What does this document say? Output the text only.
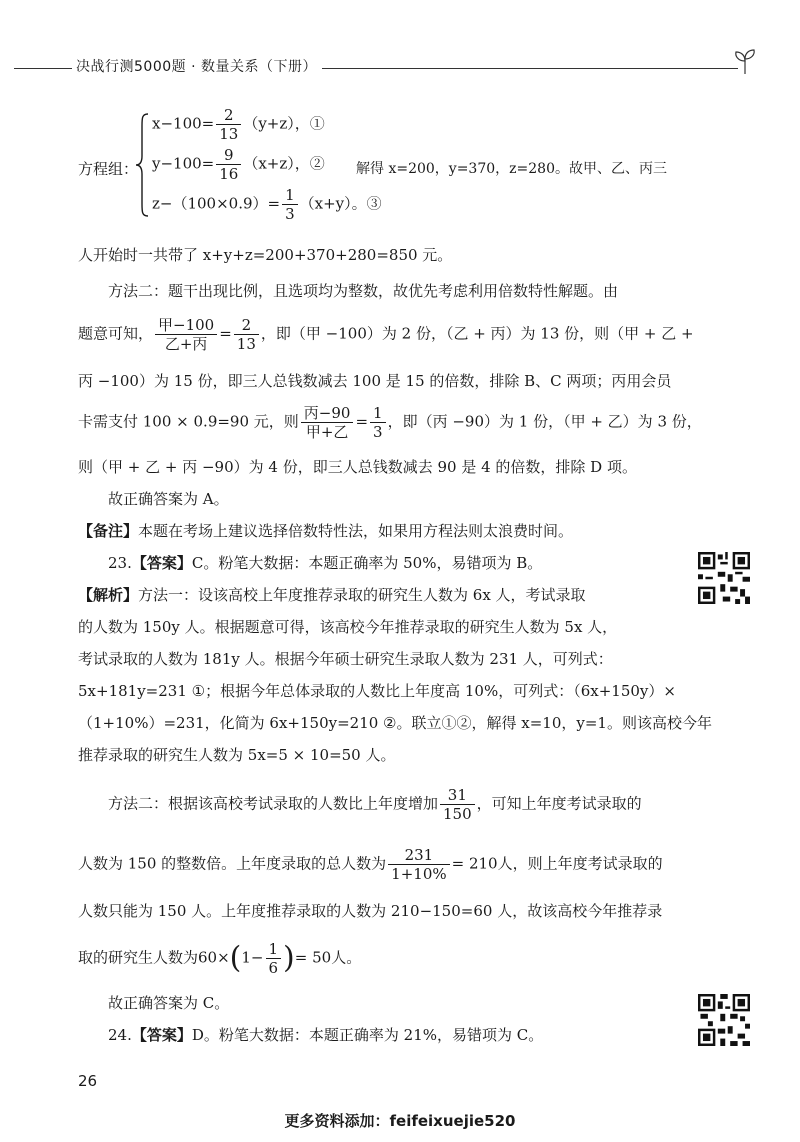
决战行测5000题 · 数量关系（下册）
方程组：
$x-100= \frac{2}{13} (y+z)$，①
$y-100= \frac{9}{16} (x+z)$，②
$z-(100\times 0.9)= \frac{1}{3} (x+y)$。③
解得 x=200，y=370，z=280。故甲、乙、丙三
人开始时一共带了 x+y+z=200+370+280=850 元。
方法二：题干出现比例，且选项均为整数，故优先考虑利用倍数特性解题。由
题意可知， $\frac{\text{甲−100}}{\text{乙+丙}} = \frac{2}{13}$ ，即（甲 −100）为 2 份，（乙 + 丙）为 13 份，则（甲 + 乙 +
丙 −100）为 15 份，即三人总钱数减去 100 是 15 的倍数，排除 B、C 两项；丙用会员
卡需支付 100 × 0.9=90 元，则 $\frac{\text{丙−90}}{\text{甲+乙}} = \frac{1}{3}$ ，即（丙 −90）为 1 份，（甲 + 乙）为 3 份，
则（甲 + 乙 + 丙 −90）为 4 份，即三人总钱数减去 90 是 4 的倍数，排除 D 项。
故正确答案为 A。
【备注】本题在考场上建议选择倍数特性法，如果用方程法则太浪费时间。
23.【答案】C。粉笔大数据：本题正确率为 50%，易错项为 B。
【解析】方法一：设该高校上年度推荐录取的研究生人数为 6x 人，考试录取
的人数为 150y 人。根据题意可得，该高校今年推荐录取的研究生人数为 5x 人，
考试录取的人数为 181y 人。根据今年硕士研究生录取人数为 231 人，可列式：
5x+181y=231 ①；根据今年总体录取的人数比上年度高 10%，可列式：（6x+150y）×
（1+10%）=231，化简为 6x+150y=210 ②。联立①②，解得 x=10，y=1。则该高校今年
推荐录取的研究生人数为 5x=5 × 10=50 人。
方法二：根据该高校考试录取的人数比上年度增加 $\frac{31}{150}$ ，可知上年度考试录取的
人数为 150 的整数倍。上年度录取的总人数为 $\frac{231}{1+10\%} = 210$人，则上年度考试录取的
人数只能为 150 人。上年度推荐录取的人数为 210−150=60 人，故该高校今年推荐录
取的研究生人数为$60\times(1- \frac{1}{6}$ )= 50人。
故正确答案为 C。
24.【答案】D。粉笔大数据：本题正确率为 21%，易错项为 C。
26
更多资料添加：feifeixuejie520
